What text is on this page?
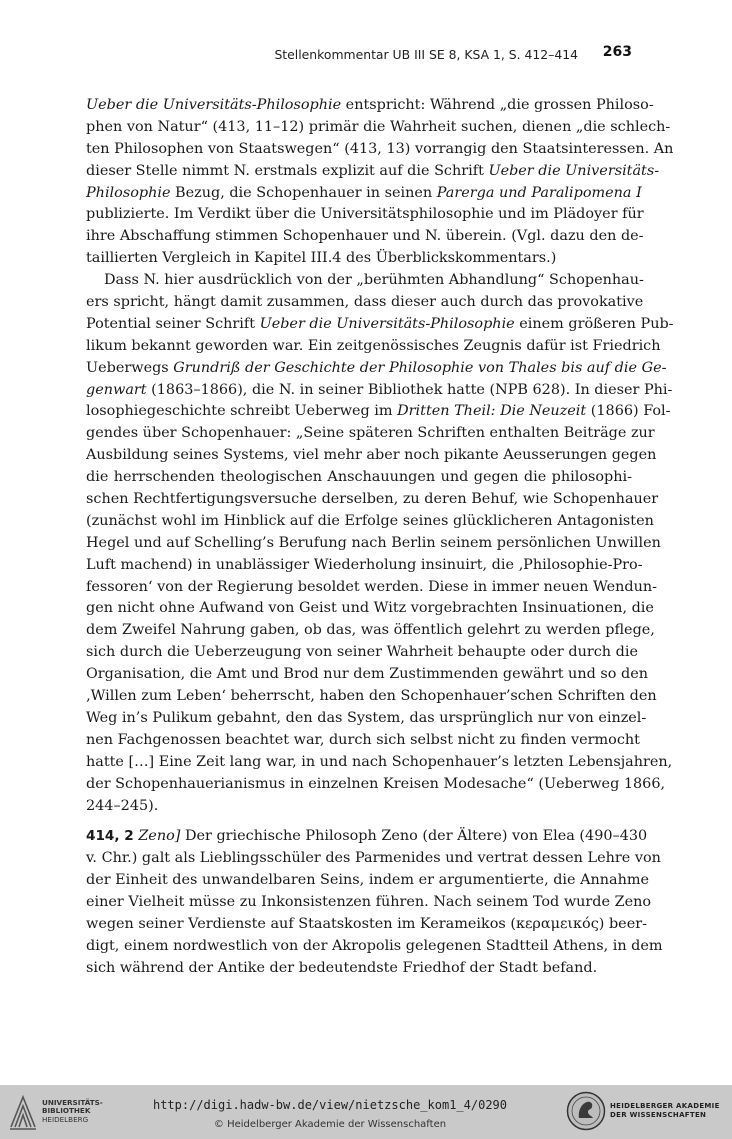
Stellenkommentar UB III SE 8, KSA 1, S. 412–414 263
Ueber die Universitäts-Philosophie entspricht: Während „die grossen Philoso-
phen von Natur“ (413, 11–12) primär die Wahrheit suchen, dienen „die schlech-
ten Philosophen von Staatswegen“ (413, 13) vorrangig den Staatsinteressen. An
dieser Stelle nimmt N. erstmals explizit auf die Schrift Ueber die Universitäts-
Philosophie Bezug, die Schopenhauer in seinen Parerga und Paralipomena I
publizierte. Im Verdikt über die Universitätsphilosophie und im Plädoyer für
ihre Abschaffung stimmen Schopenhauer und N. überein. (Vgl. dazu den de-
taillierten Vergleich in Kapitel III.4 des Überblickskommentars.)
Dass N. hier ausdrücklich von der „berühmten Abhandlung“ Schopenhau-
ers spricht, hängt damit zusammen, dass dieser auch durch das provokative
Potential seiner Schrift Ueber die Universitäts-Philosophie einem größeren Pub-
likum bekannt geworden war. Ein zeitgenössisches Zeugnis dafür ist Friedrich
Ueberwegs Grundriß der Geschichte der Philosophie von Thales bis auf die Ge-
genwart (1863–1866), die N. in seiner Bibliothek hatte (NPB 628). In dieser Phi-
losophiegeschichte schreibt Ueberweg im Dritten Theil: Die Neuzeit (1866) Fol-
gendes über Schopenhauer: „Seine späteren Schriften enthalten Beiträge zur
Ausbildung seines Systems, viel mehr aber noch pikante Aeusserungen gegen
die herrschenden theologischen Anschauungen und gegen die philosophi-
schen Rechtfertigungsversuche derselben, zu deren Behuf, wie Schopenhauer
(zunächst wohl im Hinblick auf die Erfolge seines glücklicheren Antagonisten
Hegel und auf Schelling’s Berufung nach Berlin seinem persönlichen Unwillen
Luft machend) in unablässiger Wiederholung insinuirt, die ‚Philosophie-Pro-
fessoren‘ von der Regierung besoldet werden. Diese in immer neuen Wendun-
gen nicht ohne Aufwand von Geist und Witz vorgebrachten Insinuationen, die
dem Zweifel Nahrung gaben, ob das, was öffentlich gelehrt zu werden pflege,
sich durch die Ueberzeugung von seiner Wahrheit behaupte oder durch die
Organisation, die Amt und Brod nur dem Zustimmenden gewährt und so den
‚Willen zum Leben‘ beherrscht, haben den Schopenhauer’schen Schriften den
Weg in’s Pulikum gebahnt, den das System, das ursprünglich nur von einzel-
nen Fachgenossen beachtet war, durch sich selbst nicht zu finden vermocht
hatte […] Eine Zeit lang war, in und nach Schopenhauer’s letzten Lebensjahren,
der Schopenhauerianismus in einzelnen Kreisen Modesache“ (Ueberweg 1866,
244–245).
414, 2 Zeno] Der griechische Philosoph Zeno (der Ältere) von Elea (490–430
v. Chr.) galt als Lieblingsschüler des Parmenides und vertrat dessen Lehre von
der Einheit des unwandelbaren Seins, indem er argumentierte, die Annahme
einer Vielheit müsse zu Inkonsistenzen führen. Nach seinem Tod wurde Zeno
wegen seiner Verdienste auf Staatskosten im Kerameikos (κεραμεικός) beer-
digt, einem nordwestlich von der Akropolis gelegenen Stadtteil Athens, in dem
sich während der Antike der bedeutendste Friedhof der Stadt befand.
UNIVERSITÄTS-
BIBLIOTHEK
HEIDELBERG
http://digi.hadw-bw.de/view/nietzsche_kom1_4/0290
© Heidelberger Akademie der Wissenschaften
HEIDELBERGER AKADEMIE
DER WISSENSCHAFTEN
